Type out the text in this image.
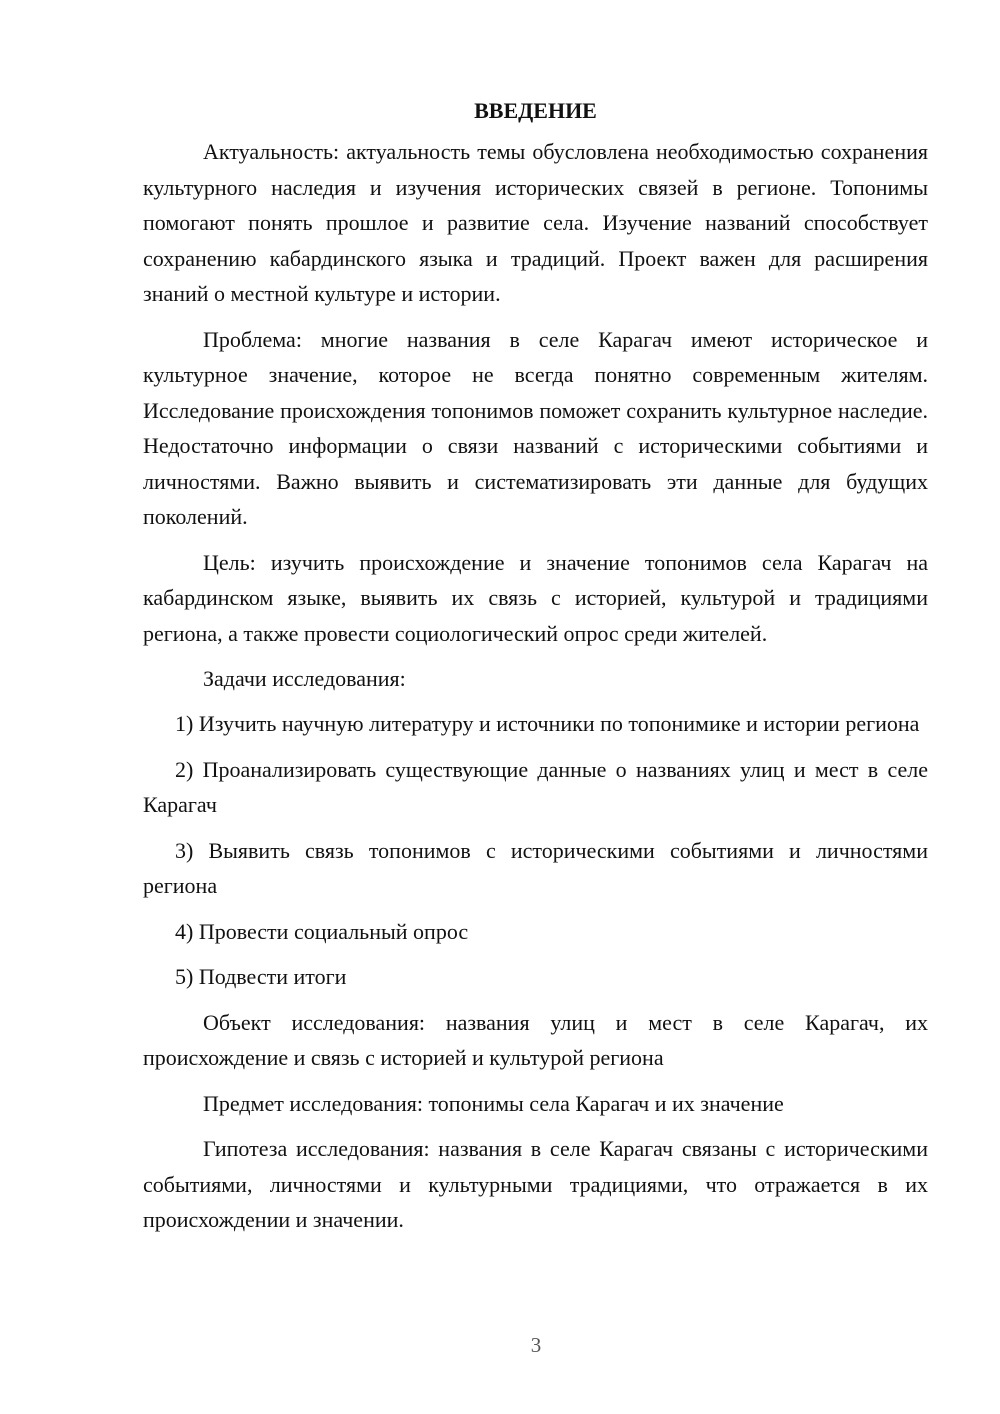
ВВЕДЕНИЕ

Актуальность: актуальность темы обусловлена необходимостью сохранения культурного наследия и изучения исторических связей в регионе. Топонимы помогают понять прошлое и развитие села. Изучение названий способствует сохранению кабардинского языка и традиций. Проект важен для расширения знаний о местной культуре и истории.

Проблема: многие названия в селе Карагач имеют историческое и культурное значение, которое не всегда понятно современным жителям. Исследование происхождения топонимов поможет сохранить культурное наследие. Недостаточно информации о связи названий с историческими событиями и личностями. Важно выявить и систематизировать эти данные для будущих поколений.

Цель: изучить происхождение и значение топонимов села Карагач на кабардинском языке, выявить их связь с историей, культурой и традициями региона, а также провести социологический опрос среди жителей.

Задачи исследования:

1) Изучить научную литературу и источники по топонимике и истории региона

2) Проанализировать существующие данные о названиях улиц и мест в селе Карагач

3) Выявить связь топонимов с историческими событиями и личностями региона

4) Провести социальный опрос

5) Подвести итоги

Объект исследования: названия улиц и мест в селе Карагач, их происхождение и связь с историей и культурой региона

Предмет исследования: топонимы села Карагач и их значение

Гипотеза исследования: названия в селе Карагач связаны с историческими событиями, личностями и культурными традициями, что отражается в их происхождении и значении.

3
